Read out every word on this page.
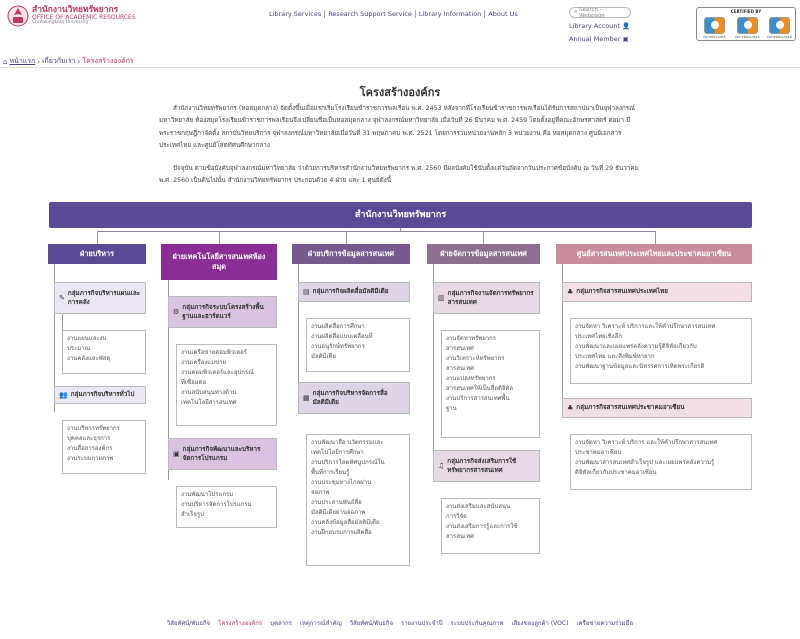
สำนักงานวิทยทรัพยากร
OFFICE OF ACADEMIC RESOURCES
Chulalongkorn University
Library Services	Research Support Service	Library Information	About Us	⌕ Search - Webpage
Library Account 👤
Annual Member ▣
CERTIFIED BY
ISO 9001:2015	ISO 14001:2015	ISO 45001:2018
⌂ หน้าแรก › เกี่ยวกับเรา › โครงสร้างองค์กร
โครงสร้างองค์กร
สำนักงานวิทยทรัพยากร (หอสมุดกลาง) จัดตั้งขึ้นเมื่อแรกเริ่มโรงเรียนข้าราชการพลเรือน พ.ศ. 2453 หลังจากที่โรงเรียนข้าราชการพลเรือนได้รับการสถาปนาเป็นจุฬาลงกรณ์มหาวิทยาลัย ห้องสมุดโรงเรียนข้าราชการพลเรือนจึงเปลี่ยนชื่อเป็นหอสมุดกลาง จุฬาลงกรณ์มหาวิทยาลัย เมื่อวันที่ 26 มีนาคม พ.ศ. 2459 โดยตั้งอยู่ที่คณะอักษรศาสตร์ ต่อมา มีพระราชกฤษฎีกาจัดตั้ง สถาบันวิทยบริการ จุฬาลงกรณ์มหาวิทยาลัยเมื่อวันที่ 31 พฤษภาคม พ.ศ. 2521 โดยการรวมหน่วยงานหลัก 3 หน่วยงาน คือ หอสมุดกลาง ศูนย์เอกสารประเทศไทย และศูนย์โสตทัศนศึกษากลาง
ปัจจุบัน ตามข้อบังคับจุฬาลงกรณ์มหาวิทยาลัย ว่าด้วยการบริหารสำนักงานวิทยทรัพยากร พ.ศ. 2560 มีผลบังคับใช้นับตั้งแต่วันถัดจากวันประกาศข้อบังคับ ณ วันที่ 29 ธันวาคม พ.ศ. 2560 เป็นต้นไปนั้น สำนักงานวิทยทรัพยากร ประกอบด้วย 4 ฝ่าย และ 1 ศูนย์ดังนี้
สำนักงานวิทยทรัพยากร
ฝ่ายบริหาร
✎
กลุ่มภารกิจบริหารแผนและการคลัง
งานแผนและงบ
ประมาณ
งานคลังและพัสดุ
👥 กลุ่มภารกิจบริหารทั่วไป
งานบริหารทรัพยากร
บุคคลและธุรการ
งานสื่อสารองค์กร
งานระบบกายภาพ
ฝ่ายเทคโนโลยีสารสนเทศห้องสมุด
⚙
กลุ่มภารกิจระบบโครงสร้างพื้นฐานและฮาร์ดแวร์
งานเครือข่ายคอมพิวเตอร์
งานเครื่องแม่ข่าย
งานคอมพิวเตอร์และอุปกรณ์
ที่เชื่อมต่อ
งานสนับสนุนทางด้าน
เทคโนโลยีสารสนเทศ
▣
กลุ่มภารกิจพัฒนาและบริหารจัดการโปรแกรม
งานพัฒนาโปรแกรม
งานบริหารจัดการโปรแกรม
สำเร็จรูป
ฝ่ายบริการข้อมูลสารสนเทศ
▤ กลุ่มภารกิจผลิตสื่อมัลติมีเดีย
งานผลิตสื่อการศึกษา
งานผลิตสื่อแบบเคลื่อนที่
งานอนุรักษ์ทรัพยากร
มัลติมีเดีย
▦
กลุ่มภารกิจบริหารจัดการสื่อมัลติมีเดีย
งานพัฒนาสื่อ นวัตกรรมและ
เทคโนโลยีการศึกษา
งานบริการโสตทัศนูปกรณ์ใน
พื้นที่การเรียนรู้
งานประชุมทางไกลผ่าน
จอภาพ
งานประสานพันธ์สื่อ
มัลติมีเดียผ่านจอภาพ
งานคลังข้อมูลสื่อมัลติมีเดีย
งานฝึกอบรมการผลิตสื่อ
ฝ่ายจัดการข้อมูลสารสนเทศ
▥
กลุ่มภารกิจงานจัดการทรัพยากรสารสนเทศ
งานจัดหาทรัพยากร
สารสนเทศ
งานวิเคราะห์ทรัพยากร
สารสนเทศ
งานแปลงทรัพยากร
สารสนเทศให้เป็นสื่อดิจิทัล
งานบริการสารสนเทศพื้น
ฐาน
♫
กลุ่มภารกิจส่งเสริมการใช้ทรัพยากรสารสนเทศ
งานส่งเสริมและสนับสนุน
การวิจัย
งานส่งเสริมการรู้และการใช้
สารสนเทศ
ศูนย์สารสนเทศประเทศไทยและประชาคมอาเซียน
♣ กลุ่มภารกิจสารสนเทศประเทศไทย
งานจัดหา วิเคราะห์ บริการและให้คำปรึกษาสารสนเทศ
ประเทศไทยเชิงลึก
งานพัฒนาและเผยแพร่คลังความรู้ดิจิทัลเกี่ยวกับ
ประเทศไทย และสิ่งพิมพ์หายาก
งานพัฒนาฐานข้อมูลและนิทรรศการเทิดพระเกียรติ
♣ กลุ่มภารกิจสารสนเทศประชาคมอาเซียน
งานจัดหา วิเคราะห์ บริการ และให้คำปรึกษาสารสนเทศ
ประชาคมอาเซียน
งานพัฒนาสารสนเทศสำเร็จรูป และเผยแพร่คลังความรู้
ดิจิทัลเกี่ยวกับประชาคมอาเซียน
วิสัยทัศน์/พันธกิจ โครงสร้างองค์กร บุคลากร เหตุการณ์สำคัญ วิสัยทัศน์/พันธกิจ รายงานประจำปี ระบบประกันคุณภาพ เสียงของลูกค้า (VOC) เครือข่ายความร่วมมือ
